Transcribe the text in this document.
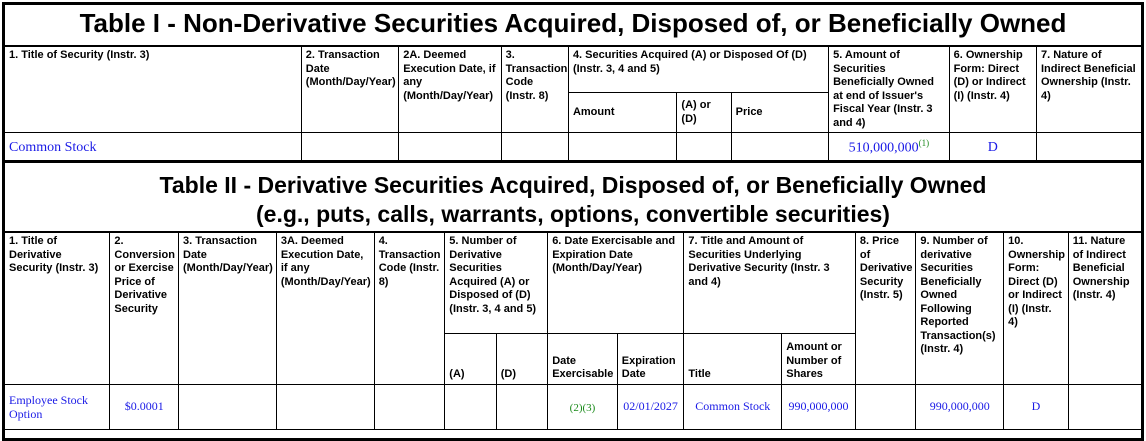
Table I - Non-Derivative Securities Acquired, Disposed of, or Beneficially Owned
1. Title of Security (Instr. 3)	2. Transaction Date (Month/Day/Year)	2A. Deemed Execution Date, if any (Month/Day/Year)	3. Transaction Code (Instr. 8)	4. Securities Acquired (A) or Disposed Of (D) (Instr. 3, 4 and 5)			5. Amount of Securities Beneficially Owned at end of Issuer's Fiscal Year (Instr. 3 and 4)	6. Ownership Form: Direct (D) or Indirect (I) (Instr. 4)	7. Nature of Indirect Beneficial Ownership (Instr. 4)
				Amount	(A) or (D)	Price			
Common Stock							510,000,000$^{(1)}$	D	
Table II - Derivative Securities Acquired, Disposed of, or Beneficially Owned
(e.g., puts, calls, warrants, options, convertible securities)
1. Title of Derivative Security (Instr. 3)	2. Conversion or Exercise Price of Derivative Security	3. Transaction Date (Month/Day/Year)	3A. Deemed Execution Date, if any (Month/Day/Year)	4. Transaction Code (Instr. 8)	5. Number of Derivative Securities Acquired (A) or Disposed of (D) (Instr. 3, 4 and 5)		6. Date Exercisable and Expiration Date (Month/Day/Year)		7. Title and Amount of Securities Underlying Derivative Security (Instr. 3 and 4)		8. Price of Derivative Security (Instr. 5)	9. Number of derivative Securities Beneficially Owned Following Reported Transaction(s) (Instr. 4)	10. Ownership Form: Direct (D) or Indirect (I) (Instr. 4)	11. Nature of Indirect Beneficial Ownership (Instr. 4)
					(A)	(D)	Date Exercisable	Expiration Date	Title	Amount or Number of Shares				
Employee Stock Option	$0.0001						(2)(3)	02/01/2027	Common Stock	990,000,000		990,000,000	D	
